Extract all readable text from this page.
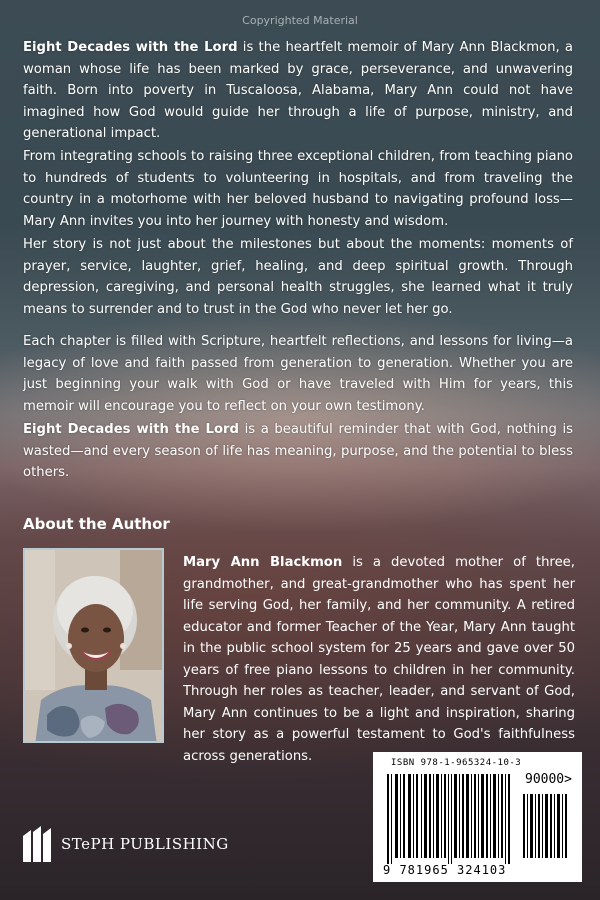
Copyrighted Material

Eight Decades with the Lord is the heartfelt memoir of Mary Ann Blackmon, a woman whose life has been marked by grace, perseverance, and unwavering faith. Born into poverty in Tuscaloosa, Alabama, Mary Ann could not have imagined how God would guide her through a life of purpose, ministry, and generational impact.

From integrating schools to raising three exceptional children, from teaching piano to hundreds of students to volunteering in hospitals, and from traveling the country in a motorhome with her beloved husband to navigating profound loss—Mary Ann invites you into her journey with honesty and wisdom.

Her story is not just about the milestones but about the moments: moments of prayer, service, laughter, grief, healing, and deep spiritual growth. Through depression, caregiving, and personal health struggles, she learned what it truly means to surrender and to trust in the God who never let her go.

Each chapter is filled with Scripture, heartfelt reflections, and lessons for living—a legacy of love and faith passed from generation to generation. Whether you are just beginning your walk with God or have traveled with Him for years, this memoir will encourage you to reflect on your own testimony.

Eight Decades with the Lord is a beautiful reminder that with God, nothing is wasted—and every season of life has meaning, purpose, and the potential to bless others.

About the Author

Mary Ann Blackmon is a devoted mother of three, grandmother, and great-grandmother who has spent her life serving God, her family, and her community. A retired educator and former Teacher of the Year, Mary Ann taught in the public school system for 25 years and gave over 50 years of free piano lessons to children in her community. Through her roles as teacher, leader, and servant of God, Mary Ann continues to be a light and inspiration, sharing her story as a powerful testament to God's faithfulness across generations.	ISBN 978-1-965324-10-3
90000>
9 781965 324103
STePH PUBLISHING
